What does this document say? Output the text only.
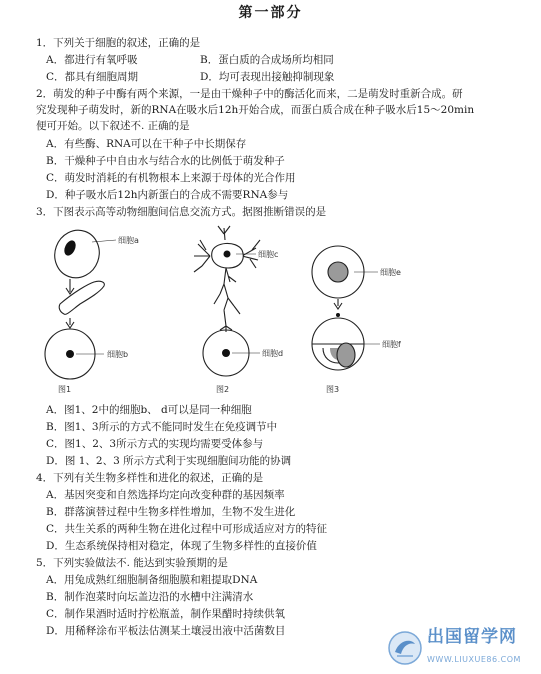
第一部分
1．下列关于细胞的叙述，正确的是
A．都进行有氧呼吸	B．蛋白质的合成场所均相同
C．都具有细胞周期	D．均可表现出接触抑制现象
2．萌发的种子中酶有两个来源，一是由干燥种子中的酶活化而来，二是萌发时重新合成。研
究发现种子萌发时，新的RNA在吸水后12h开始合成，而蛋白质合成在种子吸水后15～20min
便可开始。以下叙述不. 正确的是
A．有些酶、RNA可以在干种子中长期保存
B．干燥种子中自由水与结合水的比例低于萌发种子
C．萌发时消耗的有机物根本上来源于母体的光合作用
D．种子吸水后12h内新蛋白的合成不需要RNA参与
3．下图表示高等动物细胞间信息交流方式。据图推断错误的是
细胞a
细胞b
图1
细胞c
细胞d
图2
细胞e
细胞f
图3
A．图1、2中的细胞b、 d可以是同一种细胞
B．图1、3所示的方式不能同时发生在免疫调节中
C．图1、2、3所示方式的实现均需要受体参与
D．图 1、2、3 所示方式利于实现细胞间功能的协调
4．下列有关生物多样性和进化的叙述，正确的是
A．基因突变和自然选择均定向改变种群的基因频率
B．群落演替过程中生物多样性增加，生物不发生进化
C．共生关系的两种生物在进化过程中可形成适应对方的特征
D．生态系统保持相对稳定，体现了生物多样性的直接价值
5．下列实验做法不. 能达到实验预期的是
A．用兔成熟红细胞制备细胞膜和粗提取DNA
B．制作泡菜时向坛盖边沿的水槽中注满清水
C．制作果酒时适时拧松瓶盖，制作果醋时持续供氧
D．用稀释涂布平板法估测某土壤浸出液中活菌数目	出国留学网
WWW.LIUXUE86.COM
